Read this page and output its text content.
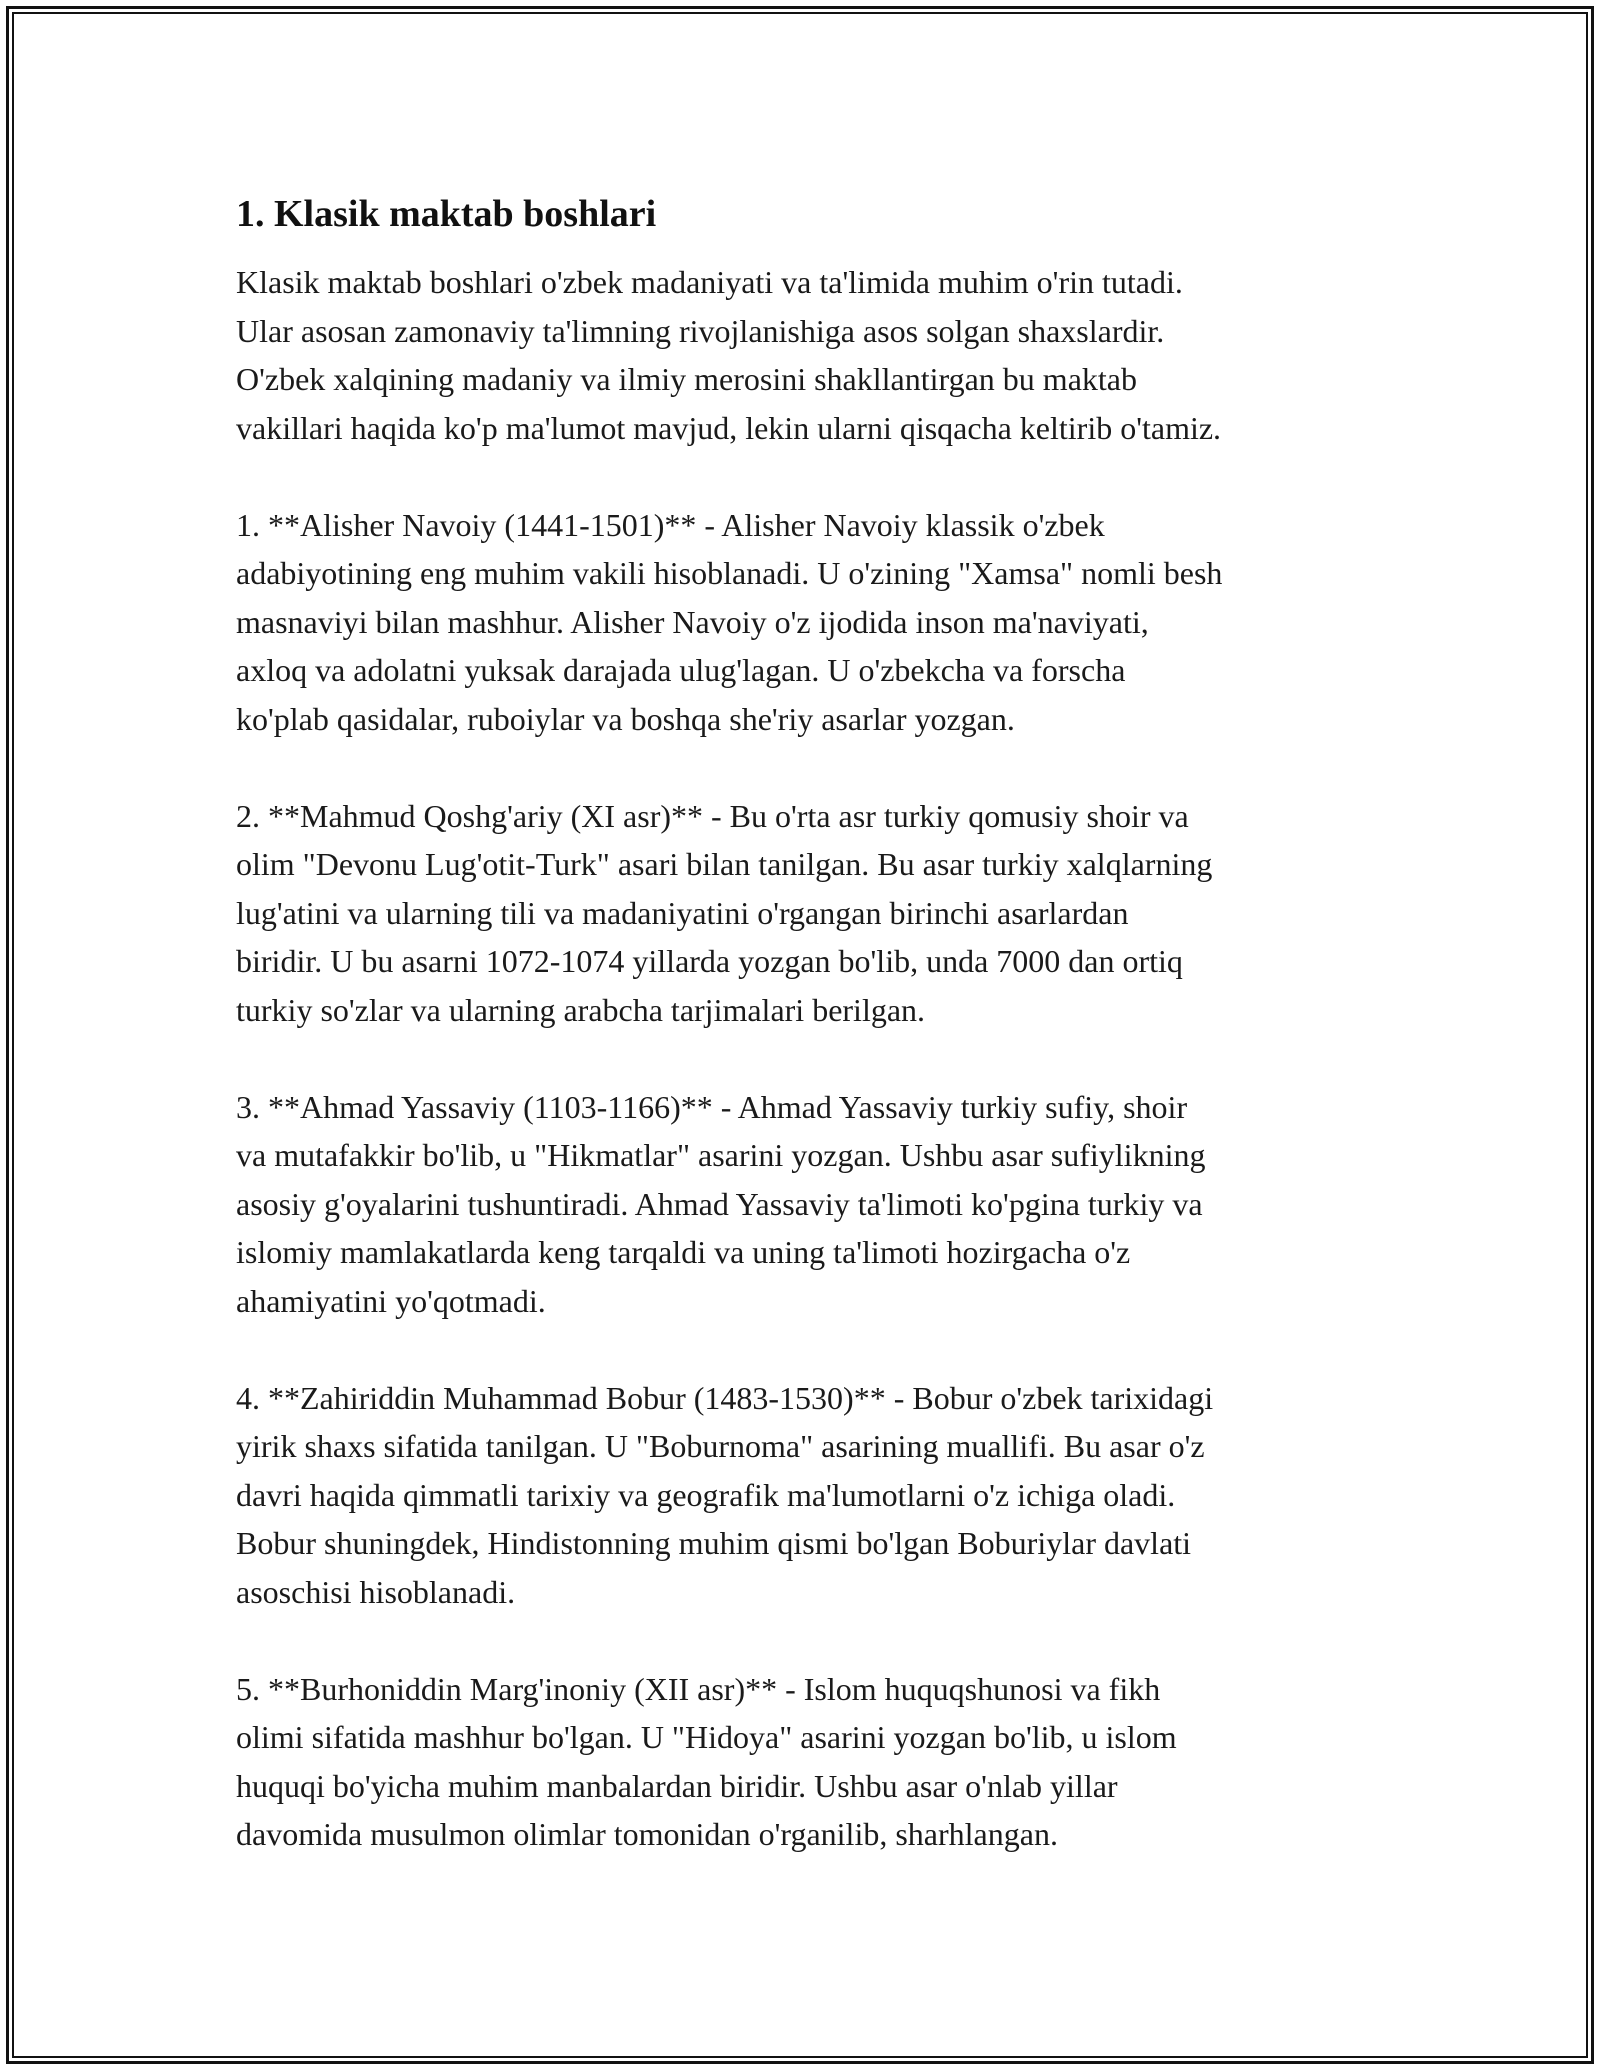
1. Klasik maktab boshlari

Klasik maktab boshlari o'zbek madaniyati va ta'limida muhim o'rin tutadi.
Ular asosan zamonaviy ta'limning rivojlanishiga asos solgan shaxslardir.
O'zbek xalqining madaniy va ilmiy merosini shakllantirgan bu maktab
vakillari haqida ko'p ma'lumot mavjud, lekin ularni qisqacha keltirib o'tamiz.

1. **Alisher Navoiy (1441-1501)** - Alisher Navoiy klassik o'zbek
adabiyotining eng muhim vakili hisoblanadi. U o'zining "Xamsa" nomli besh
masnaviyi bilan mashhur. Alisher Navoiy o'z ijodida inson ma'naviyati,
axloq va adolatni yuksak darajada ulug'lagan. U o'zbekcha va forscha
ko'plab qasidalar, ruboiylar va boshqa she'riy asarlar yozgan.

2. **Mahmud Qoshg'ariy (XI asr)** - Bu o'rta asr turkiy qomusiy shoir va
olim "Devonu Lug'otit-Turk" asari bilan tanilgan. Bu asar turkiy xalqlarning
lug'atini va ularning tili va madaniyatini o'rgangan birinchi asarlardan
biridir. U bu asarni 1072-1074 yillarda yozgan bo'lib, unda 7000 dan ortiq
turkiy so'zlar va ularning arabcha tarjimalari berilgan.

3. **Ahmad Yassaviy (1103-1166)** - Ahmad Yassaviy turkiy sufiy, shoir
va mutafakkir bo'lib, u "Hikmatlar" asarini yozgan. Ushbu asar sufiylikning
asosiy g'oyalarini tushuntiradi. Ahmad Yassaviy ta'limoti ko'pgina turkiy va
islomiy mamlakatlarda keng tarqaldi va uning ta'limoti hozirgacha o'z
ahamiyatini yo'qotmadi.

4. **Zahiriddin Muhammad Bobur (1483-1530)** - Bobur o'zbek tarixidagi
yirik shaxs sifatida tanilgan. U "Boburnoma" asarining muallifi. Bu asar o'z
davri haqida qimmatli tarixiy va geografik ma'lumotlarni o'z ichiga oladi.
Bobur shuningdek, Hindistonning muhim qismi bo'lgan Boburiylar davlati
asoschisi hisoblanadi.

5. **Burhoniddin Marg'inoniy (XII asr)** - Islom huquqshunosi va fikh
olimi sifatida mashhur bo'lgan. U "Hidoya" asarini yozgan bo'lib, u islom
huquqi bo'yicha muhim manbalardan biridir. Ushbu asar o'nlab yillar
davomida musulmon olimlar tomonidan o'rganilib, sharhlangan.
